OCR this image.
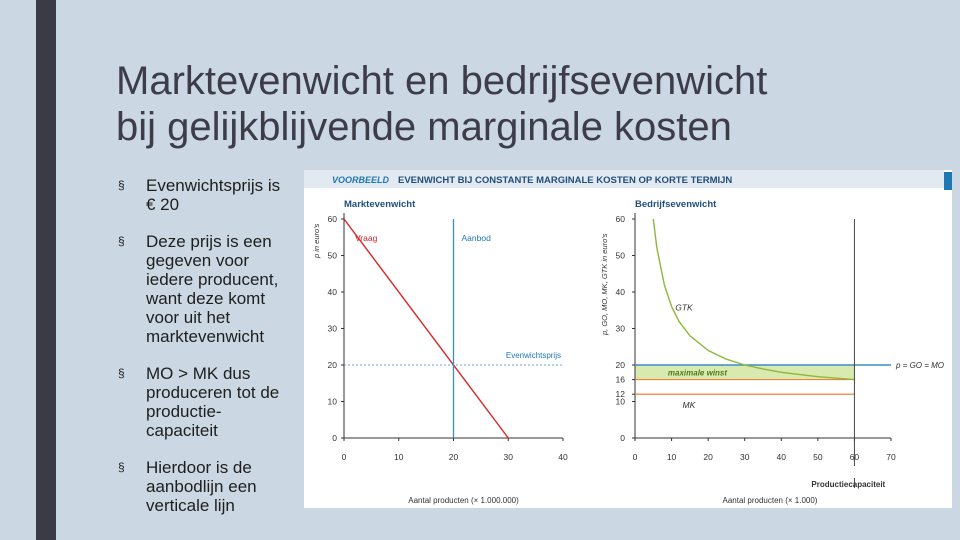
Marktevenwicht en bedrijfsevenwicht
bij gelijkblijvende marginale kosten
§	Evenwichtsprijs is
€ 20
§	Deze prijs is een
gegeven voor
iedere producent,
want deze komt
voor uit het
marktevenwicht
§	MO > MK dus
produceren tot de
productie-
capaciteit
§	Hierdoor is de
aanbodlijn een
verticale lijn
VOORBEELD EVENWICHT BIJ CONSTANTE MARGINALE KOSTEN OP KORTE TERMIJN
Marktevenwicht
p in euro's
0
10
20
30
40
50
60
0	10	20	30	40
Evenwichtsprijs
Vraag	Aanbod
Aantal producten (× 1.000.000)
Bedrijfsevenwicht
p, GO, MO, MK, GTK in euro's
maximale winst
0
10
12
16
20
30
40
50
60
0	10	20	30	40	50	60	70
MK
p = GO = MO
GTK
Productiecapaciteit
Aantal producten (× 1.000)
